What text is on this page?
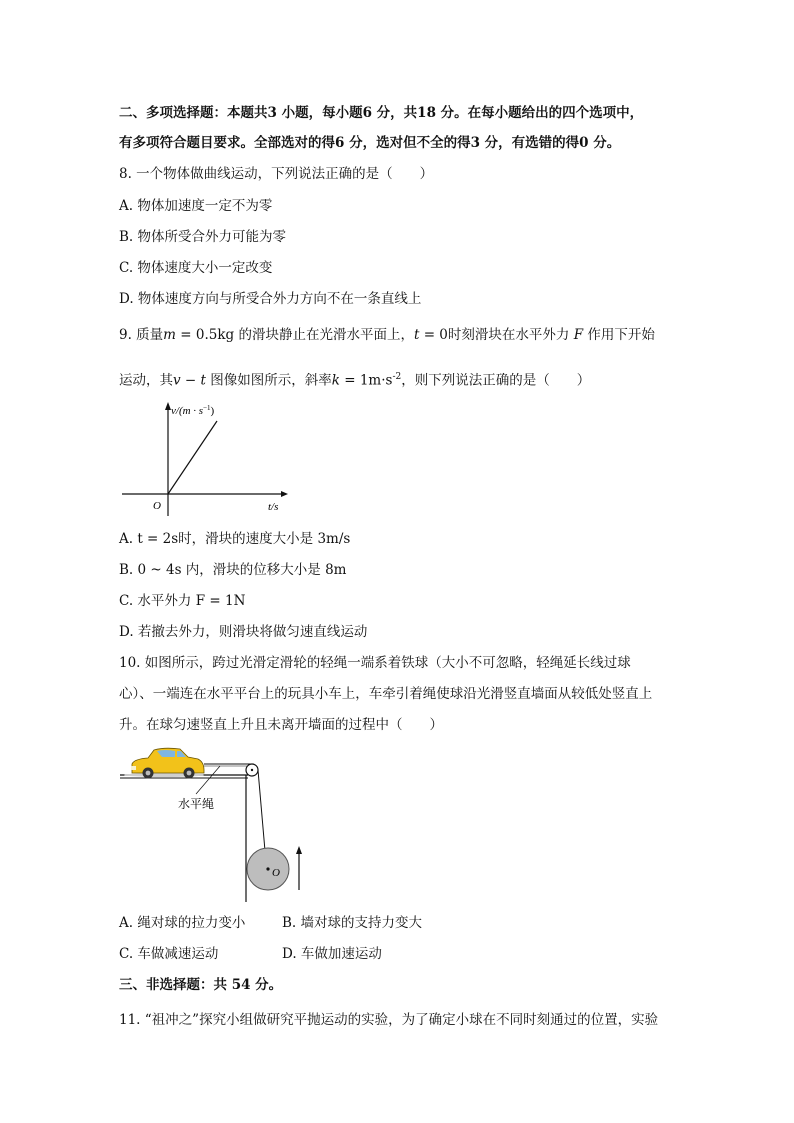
二、多项选择题：本题共3 小题，每小题6 分，共18 分。在每小题给出的四个选项中，
有多项符合题目要求。全部选对的得6 分，选对但不全的得3 分，有选错的得0 分。
8. 一个物体做曲线运动，下列说法正确的是（　　）
A. 物体加速度一定不为零
B. 物体所受合外力可能为零
C. 物体速度大小一定改变
D. 物体速度方向与所受合外力方向不在一条直线上
9. 质量m = 0.5kg 的滑块静止在光滑水平面上，t = 0时刻滑块在水平外力 F 作用下开始
运动，其v − t 图像如图所示，斜率$k = 1m\cdot s^{-2}$，则下列说法正确的是（　　）
$v/(m \cdot s^{-1})$
t/s
O
A. t = 2s时，滑块的速度大小是 3m/s
B. 0 ~ 4s 内，滑块的位移大小是 8m
C. 水平外力 F = 1N
D. 若撤去外力，则滑块将做匀速直线运动
10. 如图所示，跨过光滑定滑轮的轻绳一端系着铁球（大小不可忽略，轻绳延长线过球
心）、一端连在水平平台上的玩具小车上，车牵引着绳使球沿光滑竖直墙面从较低处竖直上
升。在球匀速竖直上升且未离开墙面的过程中（　　）
O
水平绳
A. 绳对球的拉力变小	B. 墙对球的支持力变大
C. 车做减速运动	D. 车做加速运动
三、非选择题：共 54 分。
11. “祖冲之”探究小组做研究平抛运动的实验，为了确定小球在不同时刻通过的位置，实验
